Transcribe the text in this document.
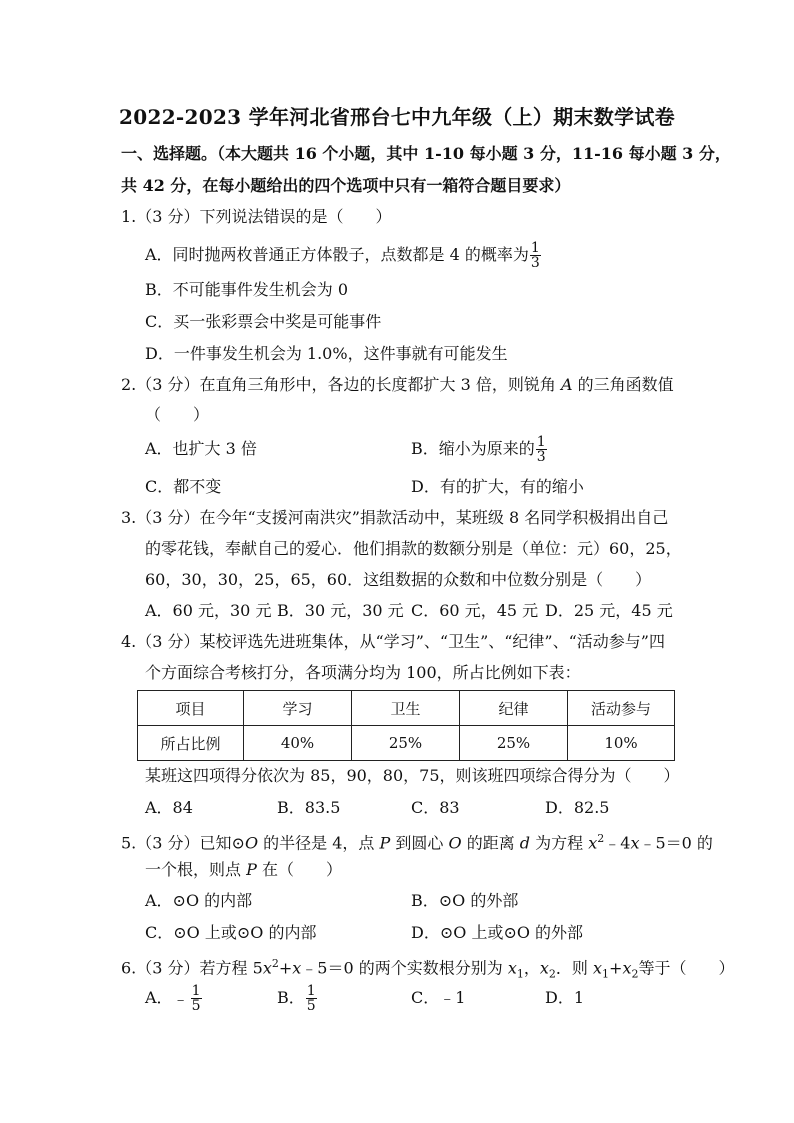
2022-2023 学年河北省邢台七中九年级（上）期末数学试卷
一、选择题。（本大题共 16 个小题，其中 1-10 每小题 3 分，11-16 每小题 3 分，
共 42 分，在每小题给出的四个选项中只有一箱符合题目要求）
1.（3 分）下列说法错误的是（　　）
A．同时抛两枚普通正方体骰子，点数都是 4 的概率为 $\frac{1}{3}$
B．不可能事件发生机会为 0
C．买一张彩票会中奖是可能事件
D．一件事发生机会为 1.0%，这件事就有可能发生
2.（3 分）在直角三角形中，各边的长度都扩大 3 倍，则锐角 A 的三角函数值
（　　）
A．也扩大 3 倍	B．缩小为原来的 $\frac{1}{3}$
C．都不变	D．有的扩大，有的缩小
3.（3 分）在今年“支援河南洪灾”捐款活动中，某班级 8 名同学积极捐出自己
的零花钱，奉献自己的爱心．他们捐款的数额分别是（单位：元）60，25，
60，30，30，25，65，60．这组数据的众数和中位数分别是（　　）
A．60 元，30 元 B．30 元，30 元 C．60 元，45 元 D．25 元，45 元
4.（3 分）某校评选先进班集体，从“学习”、“卫生”、“纪律”、“活动参与”四
个方面综合考核打分，各项满分均为 100，所占比例如下表：
项目	学习	卫生	纪律	活动参与
所占比例	40%	25%	25%	10%
某班这四项得分依次为 85，90，80，75，则该班四项综合得分为（　　）
A．84	B．83.5	C．83	D．82.5
5.（3 分）已知⊙O 的半径是 4，点 P 到圆心 O 的距离 d 为方程 $x^2﹣4x﹣5=0$ 的
一个根，则点 P 在（　　）
A．⊙O 的内部	B．⊙O 的外部
C．⊙O 上或⊙O 的内部	D．⊙O 上或⊙O 的外部
6.（3 分）若方程 $5x^2+x﹣5=0$ 的两个实数根分别为 $x_1$，$x_2$．则 $x_1+x_2$等于（　　）
A．﹣ $\frac{1}{5}$	B． $\frac{1}{5}$	C．﹣1	D．1
